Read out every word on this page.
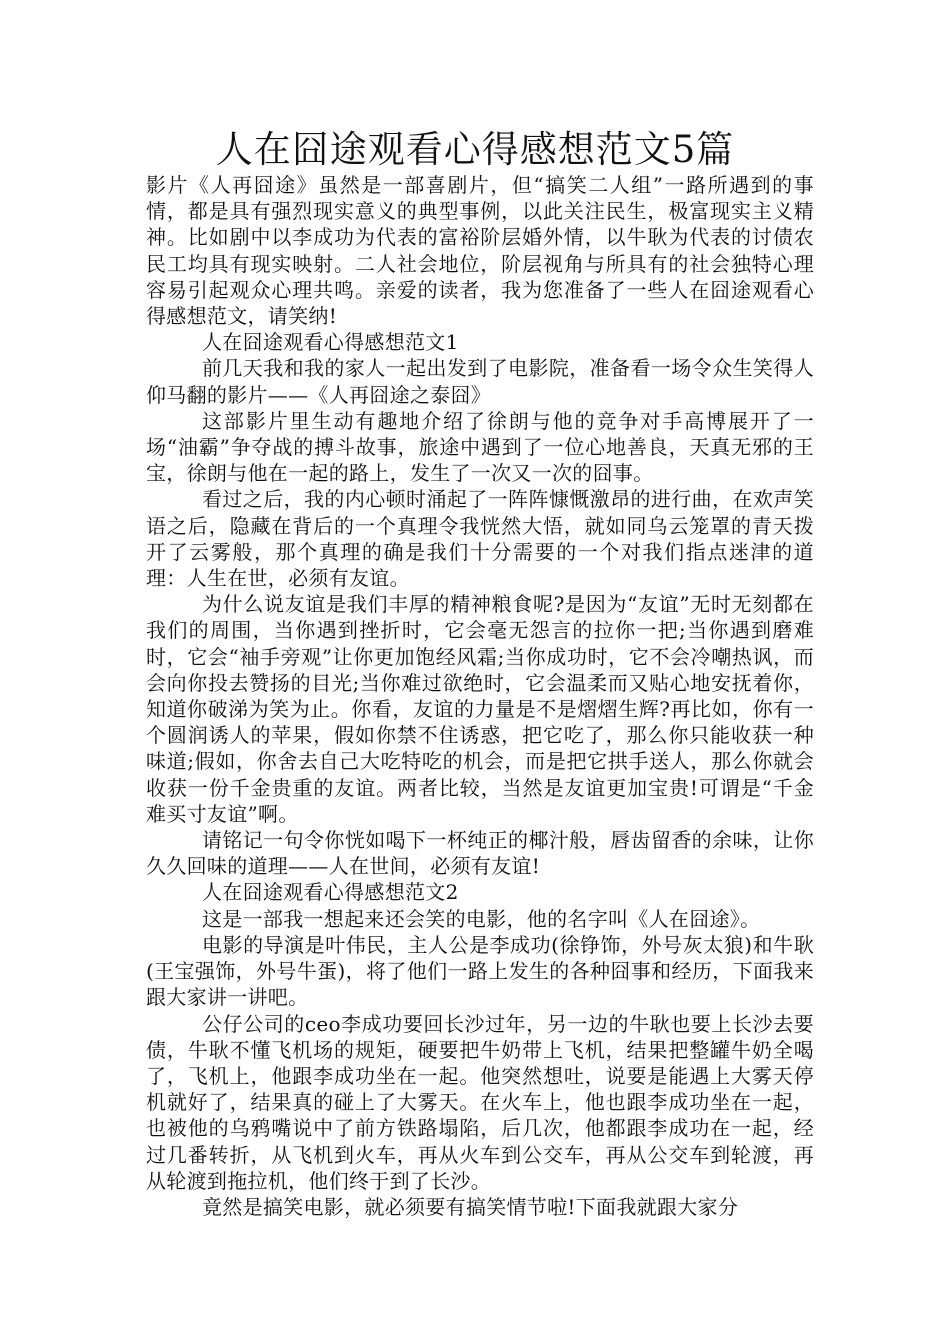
人在囧途观看心得感想范文5篇

影片《人再囧途》虽然是一部喜剧片，但“搞笑二人组”一路所遇到的事情，都是具有强烈现实意义的典型事例，以此关注民生，极富现实主义精神。比如剧中以李成功为代表的富裕阶层婚外情，以牛耿为代表的讨债农民工均具有现实映射。二人社会地位，阶层视角与所具有的社会独特心理容易引起观众心理共鸣。亲爱的读者，我为您准备了一些人在囧途观看心得感想范文，请笑纳!

人在囧途观看心得感想范文1

前几天我和我的家人一起出发到了电影院，准备看一场令众生笑得人仰马翻的影片——《人再囧途之泰囧》

这部影片里生动有趣地介绍了徐朗与他的竞争对手高博展开了一场“油霸”争夺战的搏斗故事，旅途中遇到了一位心地善良，天真无邪的王宝，徐朗与他在一起的路上，发生了一次又一次的囧事。

看过之后，我的内心顿时涌起了一阵阵慷慨激昂的进行曲，在欢声笑语之后，隐藏在背后的一个真理令我恍然大悟，就如同乌云笼罩的青天拨开了云雾般，那个真理的确是我们十分需要的一个对我们指点迷津的道理：人生在世，必须有友谊。

为什么说友谊是我们丰厚的精神粮食呢?是因为“友谊”无时无刻都在我们的周围，当你遇到挫折时，它会毫无怨言的拉你一把;当你遇到磨难时，它会“袖手旁观”让你更加饱经风霜;当你成功时，它不会冷嘲热讽，而会向你投去赞扬的目光;当你难过欲绝时，它会温柔而又贴心地安抚着你，知道你破涕为笑为止。你看，友谊的力量是不是熠熠生辉?再比如，你有一个圆润诱人的苹果，假如你禁不住诱惑，把它吃了，那么你只能收获一种味道;假如，你舍去自己大吃特吃的机会，而是把它拱手送人，那么你就会收获一份千金贵重的友谊。两者比较，当然是友谊更加宝贵!可谓是“千金难买寸友谊”啊。

请铭记一句令你恍如喝下一杯纯正的椰汁般，唇齿留香的余味，让你久久回味的道理——人在世间，必须有友谊!

人在囧途观看心得感想范文2

这是一部我一想起来还会笑的电影，他的名字叫《人在囧途》。

电影的导演是叶伟民，主人公是李成功(徐铮饰，外号灰太狼)和牛耿(王宝强饰，外号牛蛋)，将了他们一路上发生的各种囧事和经历，下面我来跟大家讲一讲吧。

公仔公司的ceo李成功要回长沙过年，另一边的牛耿也要上长沙去要债，牛耿不懂飞机场的规矩，硬要把牛奶带上飞机，结果把整罐牛奶全喝了，飞机上，他跟李成功坐在一起。他突然想吐，说要是能遇上大雾天停机就好了，结果真的碰上了大雾天。在火车上，他也跟李成功坐在一起，也被他的乌鸦嘴说中了前方铁路塌陷，后几次，他都跟李成功在一起，经过几番转折，从飞机到火车，再从火车到公交车，再从公交车到轮渡，再从轮渡到拖拉机，他们终于到了长沙。

竟然是搞笑电影，就必须要有搞笑情节啦!下面我就跟大家分
